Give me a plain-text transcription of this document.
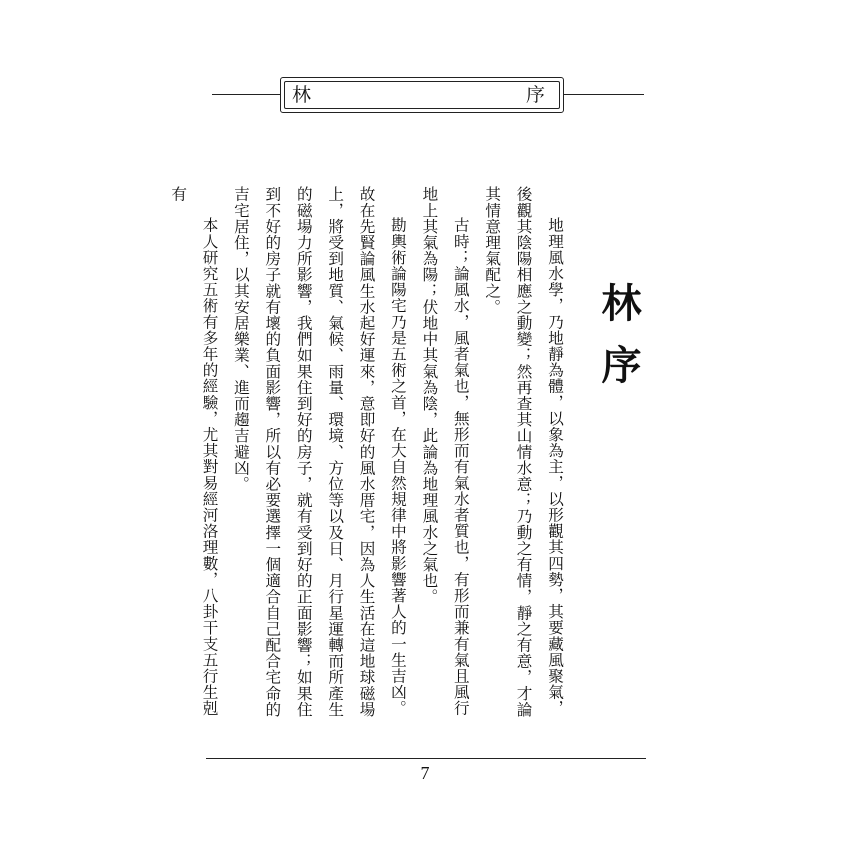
林	序
林序

地理風水學，乃地靜為體，以象為主，以形觀其四勢，其要藏風聚氣，後觀其陰陽相應之動變；然再查其山情水意；乃動之有情，靜之有意，才論其情意理氣配之。

古時；論風水，風者氣也，無形而有氣水者質也，有形而兼有氣且風行地上其氣為陽；伏地中其氣為陰，此論為地理風水之氣也。

勘輿術論陽宅乃是五術之首，在大自然規律中將影響著人的一生吉凶。故在先賢論風生水起好運來，意即好的風水厝宅，因為人生活在這地球磁場上，將受到地質、氣候、雨量、環境、方位等以及日、月行星運轉而所產生的磁場力所影響，我們如果住到好的房子，就有受到好的正面影響；如果住到不好的房子就有壞的負面影響，所以有必要選擇一個適合自己配合宅命的吉宅居住，以其安居樂業、進而趨吉避凶。

本人研究五術有多年的經驗，尤其對易經河洛理數，八卦干支五行生剋有

7
